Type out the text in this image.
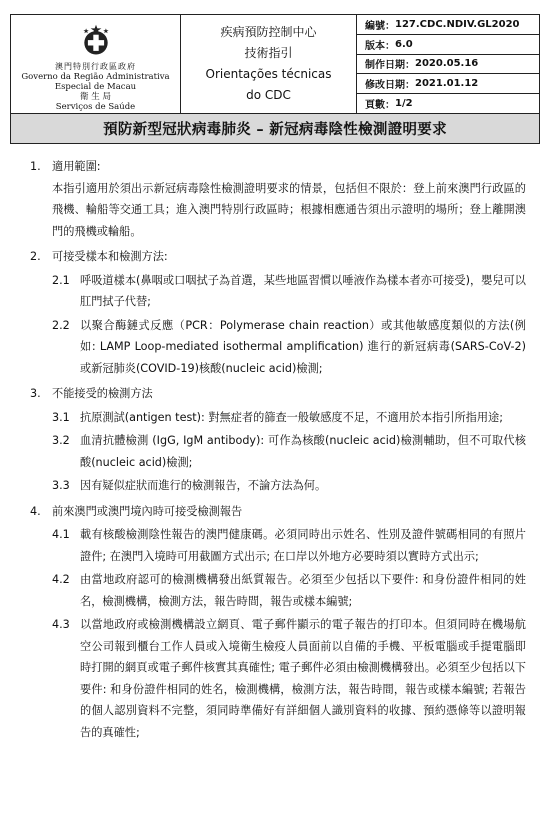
澳門特別行政區政府
Governo da Região Administrativa
Especial de Macau
衛 生 局
Serviços de Saúde
疾病預防控制中心
技術指引
Orientações técnicas
do CDC
編號： 127.CDC.NDIV.GL2020
版本： 6.0
制作日期： 2020.05.16
修改日期： 2021.01.12
頁數： 1/2
預防新型冠狀病毒肺炎 – 新冠病毒陰性檢測證明要求
1.	適用範圍:
本指引適用於須出示新冠病毒陰性檢測證明要求的情景，包括但不限於：登上前來澳門行政區的飛機、輪船等交通工具；進入澳門特別行政區時；根據相應通告須出示證明的場所；登上離開澳門的飛機或輪船。
2.	可接受樣本和檢測方法:
2.1 呼吸道樣本(鼻咽或口咽拭子為首選，某些地區習慣以唾液作為樣本者亦可接受)，嬰兒可以肛門拭子代替;
2.2 以聚合酶鏈式反應（PCR：Polymerase chain reaction）或其他敏感度類似的方法(例如: LAMP Loop-mediated isothermal amplification) 進行的新冠病毒(SARS-CoV-2)或新冠肺炎(COVID-19)核酸(nucleic acid)檢測;
3.	不能接受的檢測方法
3.1 抗原測試(antigen test): 對無症者的篩查一般敏感度不足，不適用於本指引所指用途;
3.2 血清抗體檢測 (IgG, IgM antibody): 可作為核酸(nucleic acid)檢測輔助，但不可取代核酸(nucleic acid)檢測;
3.3 因有疑似症狀而進行的檢測報告，不論方法為何。
4.	前來澳門或澳門境內時可接受檢測報告
4.1 載有核酸檢測陰性報告的澳門健康碼。必須同時出示姓名、性別及證件號碼相同的有照片證件; 在澳門入境時可用截圖方式出示; 在口岸以外地方必要時須以實時方式出示;
4.2 由當地政府認可的檢測機構發出紙質報告。必須至少包括以下要件: 和身份證件相同的姓名，檢測機構，檢測方法，報告時間，報告或樣本編號;
4.3 以當地政府或檢測機構設立網頁、電子郵件顯示的電子報告的打印本。但須同時在機場航空公司報到櫃台工作人員或入境衛生檢疫人員面前以自備的手機、平板電腦或手提電腦即時打開的網頁或電子郵件核實其真確性; 電子郵件必須由檢測機構發出。必須至少包括以下要件: 和身份證件相同的姓名，檢測機構，檢測方法，報告時間，報告或樣本編號; 若報告的個人認別資料不完整，須同時準備好有詳細個人識別資料的收據、預約憑條等以證明報告的真確性;
